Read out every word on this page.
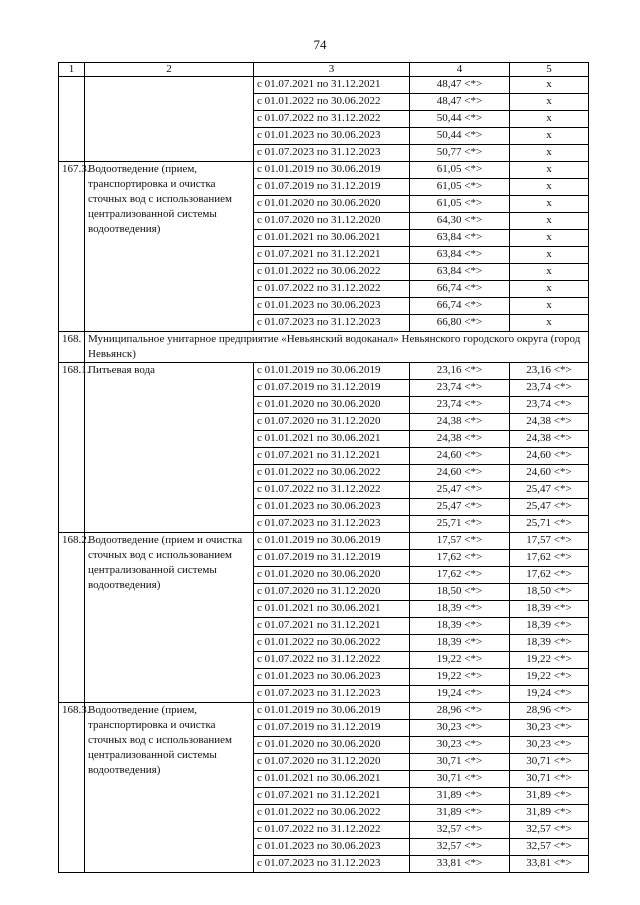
74
1	2	3	4	5
		с 01.07.2021 по 31.12.2021	48,47 <*>	х
		с 01.01.2022 по 30.06.2022	48,47 <*>	х
		с 01.07.2022 по 31.12.2022	50,44 <*>	х
		с 01.01.2023 по 30.06.2023	50,44 <*>	х
		с 01.07.2023 по 31.12.2023	50,77 <*>	х
167.3.	Водоотведение (прием, транспортировка и очистка сточных вод с использованием централизованной системы водоотведения)	с 01.01.2019 по 30.06.2019	61,05 <*>	х
		с 01.07.2019 по 31.12.2019	61,05 <*>	х
		с 01.01.2020 по 30.06.2020	61,05 <*>	х
		с 01.07.2020 по 31.12.2020	64,30 <*>	х
		с 01.01.2021 по 30.06.2021	63,84 <*>	х
		с 01.07.2021 по 31.12.2021	63,84 <*>	х
		с 01.01.2022 по 30.06.2022	63,84 <*>	х
		с 01.07.2022 по 31.12.2022	66,74 <*>	х
		с 01.01.2023 по 30.06.2023	66,74 <*>	х
		с 01.07.2023 по 31.12.2023	66,80 <*>	х
168.	Муниципальное унитарное предприятие «Невьянский водоканал» Невьянского городского округа (город Невьянск)			
168.1.	Питьевая вода	с 01.01.2019 по 30.06.2019	23,16 <*>	23,16 <*>
		с 01.07.2019 по 31.12.2019	23,74 <*>	23,74 <*>
		с 01.01.2020 по 30.06.2020	23,74 <*>	23,74 <*>
		с 01.07.2020 по 31.12.2020	24,38 <*>	24,38 <*>
		с 01.01.2021 по 30.06.2021	24,38 <*>	24,38 <*>
		с 01.07.2021 по 31.12.2021	24,60 <*>	24,60 <*>
		с 01.01.2022 по 30.06.2022	24,60 <*>	24,60 <*>
		с 01.07.2022 по 31.12.2022	25,47 <*>	25,47 <*>
		с 01.01.2023 по 30.06.2023	25,47 <*>	25,47 <*>
		с 01.07.2023 по 31.12.2023	25,71 <*>	25,71 <*>
168.2.	Водоотведение (прием и очистка сточных вод с использованием централизованной системы водоотведения)	с 01.01.2019 по 30.06.2019	17,57 <*>	17,57 <*>
		с 01.07.2019 по 31.12.2019	17,62 <*>	17,62 <*>
		с 01.01.2020 по 30.06.2020	17,62 <*>	17,62 <*>
		с 01.07.2020 по 31.12.2020	18,50 <*>	18,50 <*>
		с 01.01.2021 по 30.06.2021	18,39 <*>	18,39 <*>
		с 01.07.2021 по 31.12.2021	18,39 <*>	18,39 <*>
		с 01.01.2022 по 30.06.2022	18,39 <*>	18,39 <*>
		с 01.07.2022 по 31.12.2022	19,22 <*>	19,22 <*>
		с 01.01.2023 по 30.06.2023	19,22 <*>	19,22 <*>
		с 01.07.2023 по 31.12.2023	19,24 <*>	19,24 <*>
168.3.	Водоотведение (прием, транспортировка и очистка сточных вод с использованием централизованной системы водоотведения)	с 01.01.2019 по 30.06.2019	28,96 <*>	28,96 <*>
		с 01.07.2019 по 31.12.2019	30,23 <*>	30,23 <*>
		с 01.01.2020 по 30.06.2020	30,23 <*>	30,23 <*>
		с 01.07.2020 по 31.12.2020	30,71 <*>	30,71 <*>
		с 01.01.2021 по 30.06.2021	30,71 <*>	30,71 <*>
		с 01.07.2021 по 31.12.2021	31,89 <*>	31,89 <*>
		с 01.01.2022 по 30.06.2022	31,89 <*>	31,89 <*>
		с 01.07.2022 по 31.12.2022	32,57 <*>	32,57 <*>
		с 01.01.2023 по 30.06.2023	32,57 <*>	32,57 <*>
		с 01.07.2023 по 31.12.2023	33,81 <*>	33,81 <*>
